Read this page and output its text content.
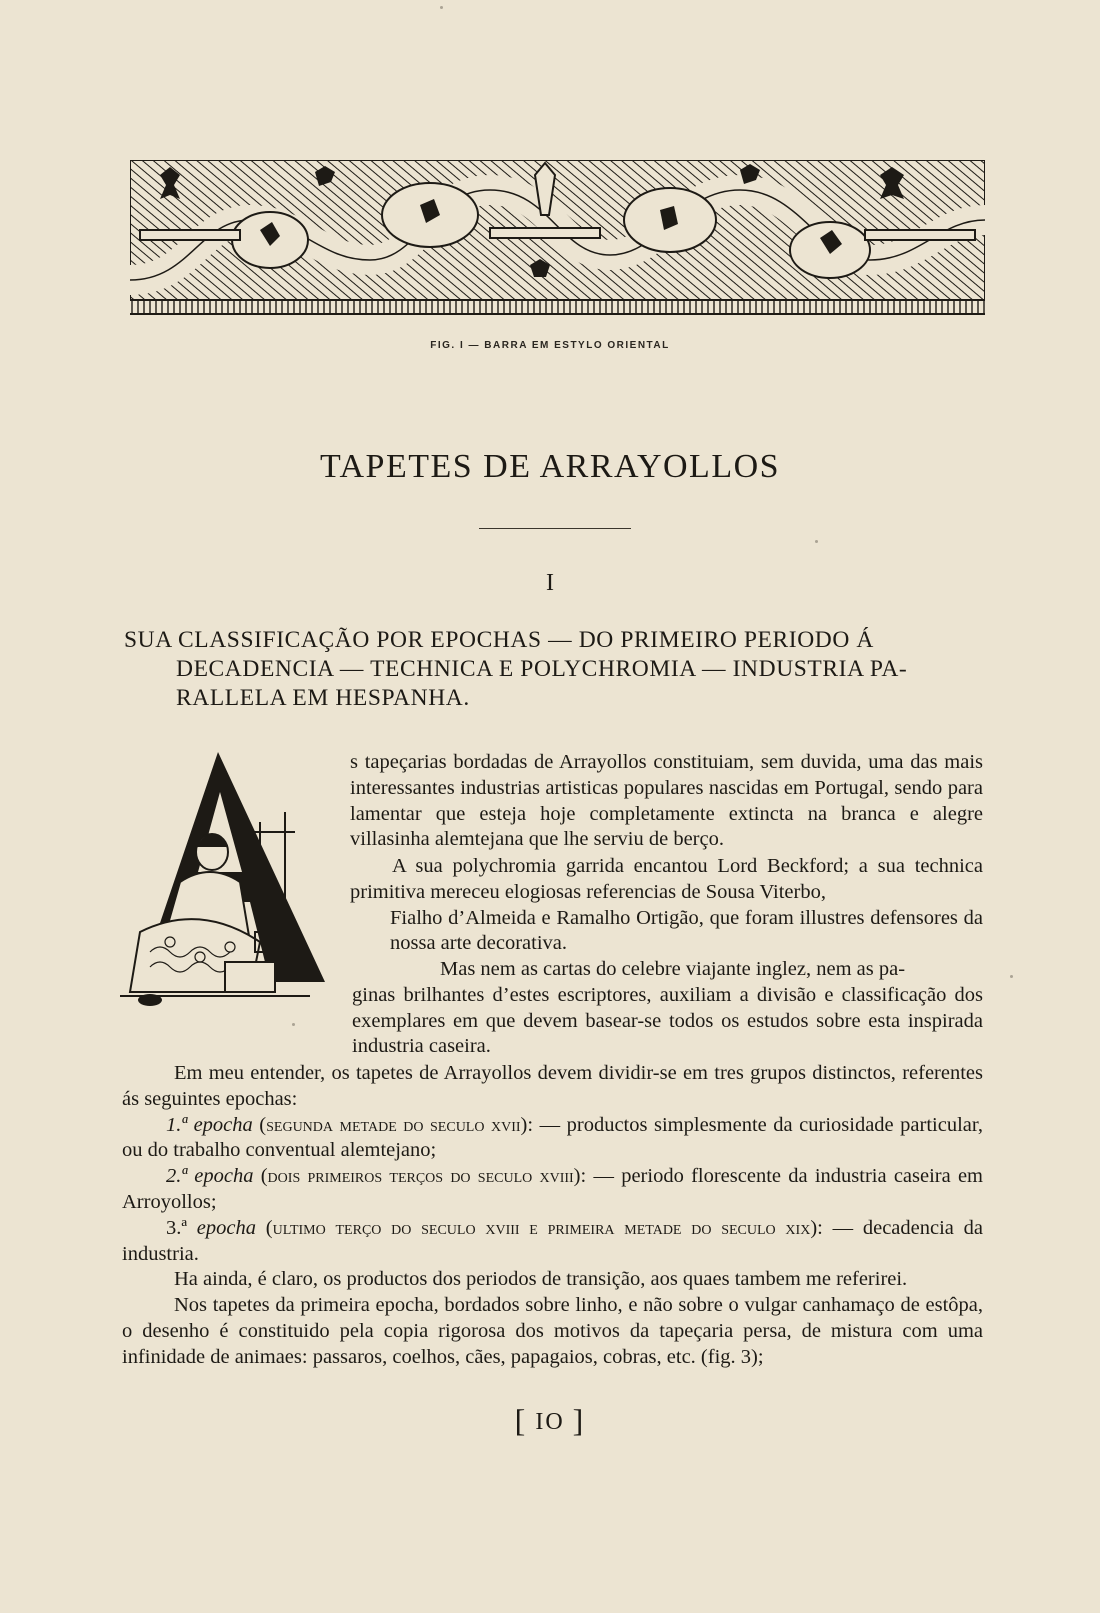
FIG. I — BARRA EM ESTYLO ORIENTAL
TAPETES DE ARRAYOLLOS
I
SUA CLASSIFICAÇÃO POR EPOCHAS — DO PRIMEIRO PERIODO Á
DECADENCIA — TECHNICA E POLYCHROMIA — INDUSTRIA PA-
RALLELA EM HESPANHA.
A	s tapeçarias bordadas de Arrayollos constituiam, sem duvida, uma das mais interessantes industrias artisticas populares nascidas em Portugal, sendo para lamentar que esteja hoje completamente extincta na branca e alegre villasinha alemtejana que lhe serviu de berço.
A sua polychromia garrida encantou Lord Beckford; a sua technica primitiva mereceu elogiosas referencias de Sousa Viterbo,
Fialho d’Almeida e Ramalho Ortigão, que foram illustres defensores da nossa arte decorativa.
Mas nem as cartas do celebre viajante inglez, nem as pa-
ginas brilhantes d’estes escriptores, auxiliam a divisão e classificação dos exemplares em que devem basear-se todos os estudos sobre esta inspirada industria caseira.

Em meu entender, os tapetes de Arrayollos devem dividir-se em tres grupos distinctos, referentes ás seguintes epochas:

1.ª epocha (segunda metade do seculo xvii): — productos simplesmente da curiosidade particular, ou do trabalho conventual alemtejano;

2.ª epocha (dois primeiros terços do seculo xviii): — periodo florescente da industria caseira em Arroyollos;

3.ª epocha (ultimo terço do seculo xviii e primeira metade do seculo xix): — decadencia da industria.

Ha ainda, é claro, os productos dos periodos de transição, aos quaes tambem me referirei.

Nos tapetes da primeira epocha, bordados sobre linho, e não sobre o vulgar canhamaço de estôpa, o desenho é constituido pela copia rigorosa dos motivos da tapeçaria persa, de mistura com uma infinidade de animaes: passaros, coelhos, cães, papagaios, cobras, etc. (fig. 3);

[ IO ]
